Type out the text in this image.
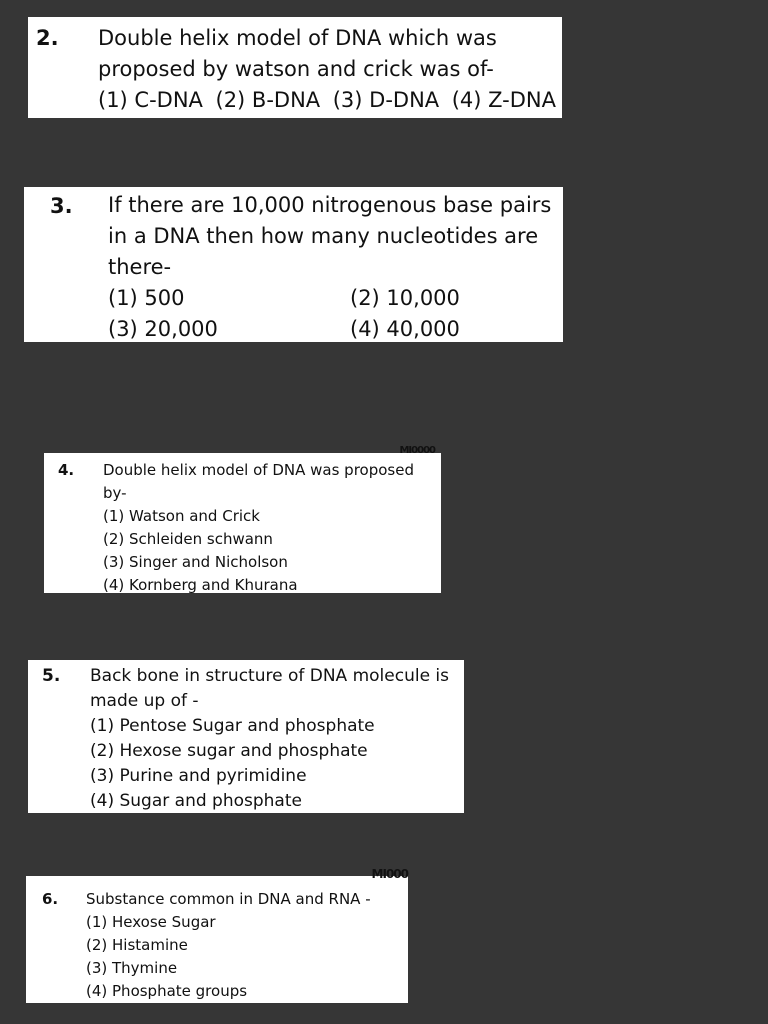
2. Double helix model of DNA which was
proposed by watson and crick was of-
(1) C-DNA (2) B-DNA (3) D-DNA (4) Z-DNA
3. If there are 10,000 nitrogenous base pairs
in a DNA then how many nucleotides are
there-
(1) 500	(2) 10,000
(3) 20,000	(4) 40,000
MI0000
4. Double helix model of DNA was proposed
by-
(1) Watson and Crick
(2) Schleiden schwann
(3) Singer and Nicholson
(4) Kornberg and Khurana
5. Back bone in structure of DNA molecule is
made up of -
(1) Pentose Sugar and phosphate
(2) Hexose sugar and phosphate
(3) Purine and pyrimidine
(4) Sugar and phosphate
MI000
6. Substance common in DNA and RNA -
(1) Hexose Sugar
(2) Histamine
(3) Thymine
(4) Phosphate groups
